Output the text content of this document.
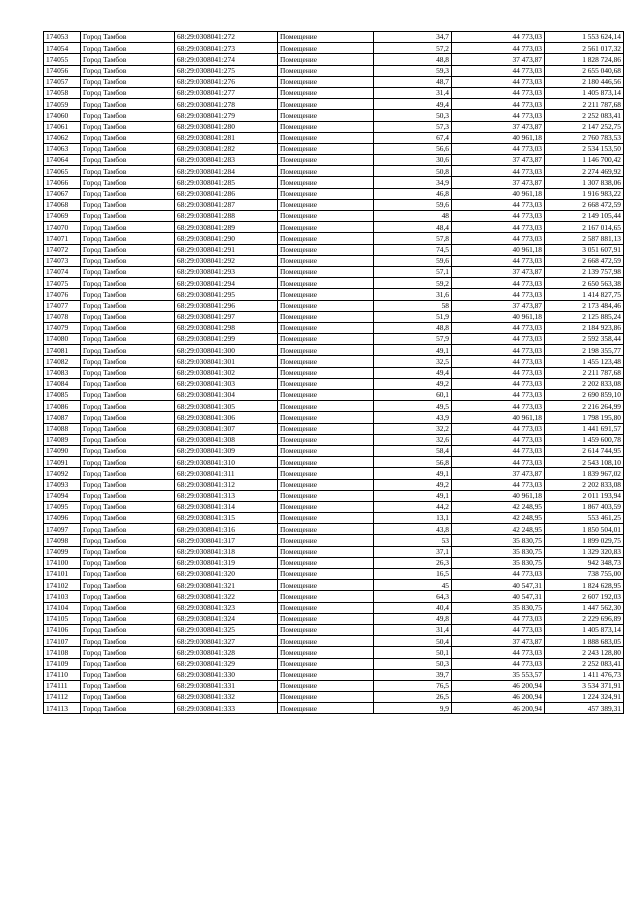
174053	Город Тамбов	68:29:0308041:272	Помещение	34,7	44 773,03	1 553 624,14
174054	Город Тамбов	68:29:0308041:273	Помещение	57,2	44 773,03	2 561 017,32
174055	Город Тамбов	68:29:0308041:274	Помещение	48,8	37 473,87	1 828 724,86
174056	Город Тамбов	68:29:0308041:275	Помещение	59,3	44 773,03	2 655 040,68
174057	Город Тамбов	68:29:0308041:276	Помещение	48,7	44 773,03	2 180 446,56
174058	Город Тамбов	68:29:0308041:277	Помещение	31,4	44 773,03	1 405 873,14
174059	Город Тамбов	68:29:0308041:278	Помещение	49,4	44 773,03	2 211 787,68
174060	Город Тамбов	68:29:0308041:279	Помещение	50,3	44 773,03	2 252 083,41
174061	Город Тамбов	68:29:0308041:280	Помещение	57,3	37 473,87	2 147 252,75
174062	Город Тамбов	68:29:0308041:281	Помещение	67,4	40 961,18	2 760 783,53
174063	Город Тамбов	68:29:0308041:282	Помещение	56,6	44 773,03	2 534 153,50
174064	Город Тамбов	68:29:0308041:283	Помещение	30,6	37 473,87	1 146 700,42
174065	Город Тамбов	68:29:0308041:284	Помещение	50,8	44 773,03	2 274 469,92
174066	Город Тамбов	68:29:0308041:285	Помещение	34,9	37 473,87	1 307 838,06
174067	Город Тамбов	68:29:0308041:286	Помещение	46,8	40 961,18	1 916 983,22
174068	Город Тамбов	68:29:0308041:287	Помещение	59,6	44 773,03	2 668 472,59
174069	Город Тамбов	68:29:0308041:288	Помещение	48	44 773,03	2 149 105,44
174070	Город Тамбов	68:29:0308041:289	Помещение	48,4	44 773,03	2 167 014,65
174071	Город Тамбов	68:29:0308041:290	Помещение	57,8	44 773,03	2 587 881,13
174072	Город Тамбов	68:29:0308041:291	Помещение	74,5	40 961,18	3 051 607,91
174073	Город Тамбов	68:29:0308041:292	Помещение	59,6	44 773,03	2 668 472,59
174074	Город Тамбов	68:29:0308041:293	Помещение	57,1	37 473,87	2 139 757,98
174075	Город Тамбов	68:29:0308041:294	Помещение	59,2	44 773,03	2 650 563,38
174076	Город Тамбов	68:29:0308041:295	Помещение	31,6	44 773,03	1 414 827,75
174077	Город Тамбов	68:29:0308041:296	Помещение	58	37 473,87	2 173 484,46
174078	Город Тамбов	68:29:0308041:297	Помещение	51,9	40 961,18	2 125 885,24
174079	Город Тамбов	68:29:0308041:298	Помещение	48,8	44 773,03	2 184 923,86
174080	Город Тамбов	68:29:0308041:299	Помещение	57,9	44 773,03	2 592 358,44
174081	Город Тамбов	68:29:0308041:300	Помещение	49,1	44 773,03	2 198 355,77
174082	Город Тамбов	68:29:0308041:301	Помещение	32,5	44 773,03	1 455 123,48
174083	Город Тамбов	68:29:0308041:302	Помещение	49,4	44 773,03	2 211 787,68
174084	Город Тамбов	68:29:0308041:303	Помещение	49,2	44 773,03	2 202 833,08
174085	Город Тамбов	68:29:0308041:304	Помещение	60,1	44 773,03	2 690 859,10
174086	Город Тамбов	68:29:0308041:305	Помещение	49,5	44 773,03	2 216 264,99
174087	Город Тамбов	68:29:0308041:306	Помещение	43,9	40 961,18	1 798 195,80
174088	Город Тамбов	68:29:0308041:307	Помещение	32,2	44 773,03	1 441 691,57
174089	Город Тамбов	68:29:0308041:308	Помещение	32,6	44 773,03	1 459 600,78
174090	Город Тамбов	68:29:0308041:309	Помещение	58,4	44 773,03	2 614 744,95
174091	Город Тамбов	68:29:0308041:310	Помещение	56,8	44 773,03	2 543 108,10
174092	Город Тамбов	68:29:0308041:311	Помещение	49,1	37 473,87	1 839 967,02
174093	Город Тамбов	68:29:0308041:312	Помещение	49,2	44 773,03	2 202 833,08
174094	Город Тамбов	68:29:0308041:313	Помещение	49,1	40 961,18	2 011 193,94
174095	Город Тамбов	68:29:0308041:314	Помещение	44,2	42 248,95	1 867 403,59
174096	Город Тамбов	68:29:0308041:315	Помещение	13,1	42 248,95	553 461,25
174097	Город Тамбов	68:29:0308041:316	Помещение	43,8	42 248,95	1 850 504,01
174098	Город Тамбов	68:29:0308041:317	Помещение	53	35 830,75	1 899 029,75
174099	Город Тамбов	68:29:0308041:318	Помещение	37,1	35 830,75	1 329 320,83
174100	Город Тамбов	68:29:0308041:319	Помещение	26,3	35 830,75	942 348,73
174101	Город Тамбов	68:29:0308041:320	Помещение	16,5	44 773,03	738 755,00
174102	Город Тамбов	68:29:0308041:321	Помещение	45	40 547,31	1 824 628,95
174103	Город Тамбов	68:29:0308041:322	Помещение	64,3	40 547,31	2 607 192,03
174104	Город Тамбов	68:29:0308041:323	Помещение	40,4	35 830,75	1 447 562,30
174105	Город Тамбов	68:29:0308041:324	Помещение	49,8	44 773,03	2 229 696,89
174106	Город Тамбов	68:29:0308041:325	Помещение	31,4	44 773,03	1 405 873,14
174107	Город Тамбов	68:29:0308041:327	Помещение	50,4	37 473,87	1 888 683,05
174108	Город Тамбов	68:29:0308041:328	Помещение	50,1	44 773,03	2 243 128,80
174109	Город Тамбов	68:29:0308041:329	Помещение	50,3	44 773,03	2 252 083,41
174110	Город Тамбов	68:29:0308041:330	Помещение	39,7	35 553,57	1 411 476,73
174111	Город Тамбов	68:29:0308041:331	Помещение	76,5	46 200,94	3 534 371,91
174112	Город Тамбов	68:29:0308041:332	Помещение	26,5	46 200,94	1 224 324,91
174113	Город Тамбов	68:29:0308041:333	Помещение	9,9	46 200,94	457 389,31
